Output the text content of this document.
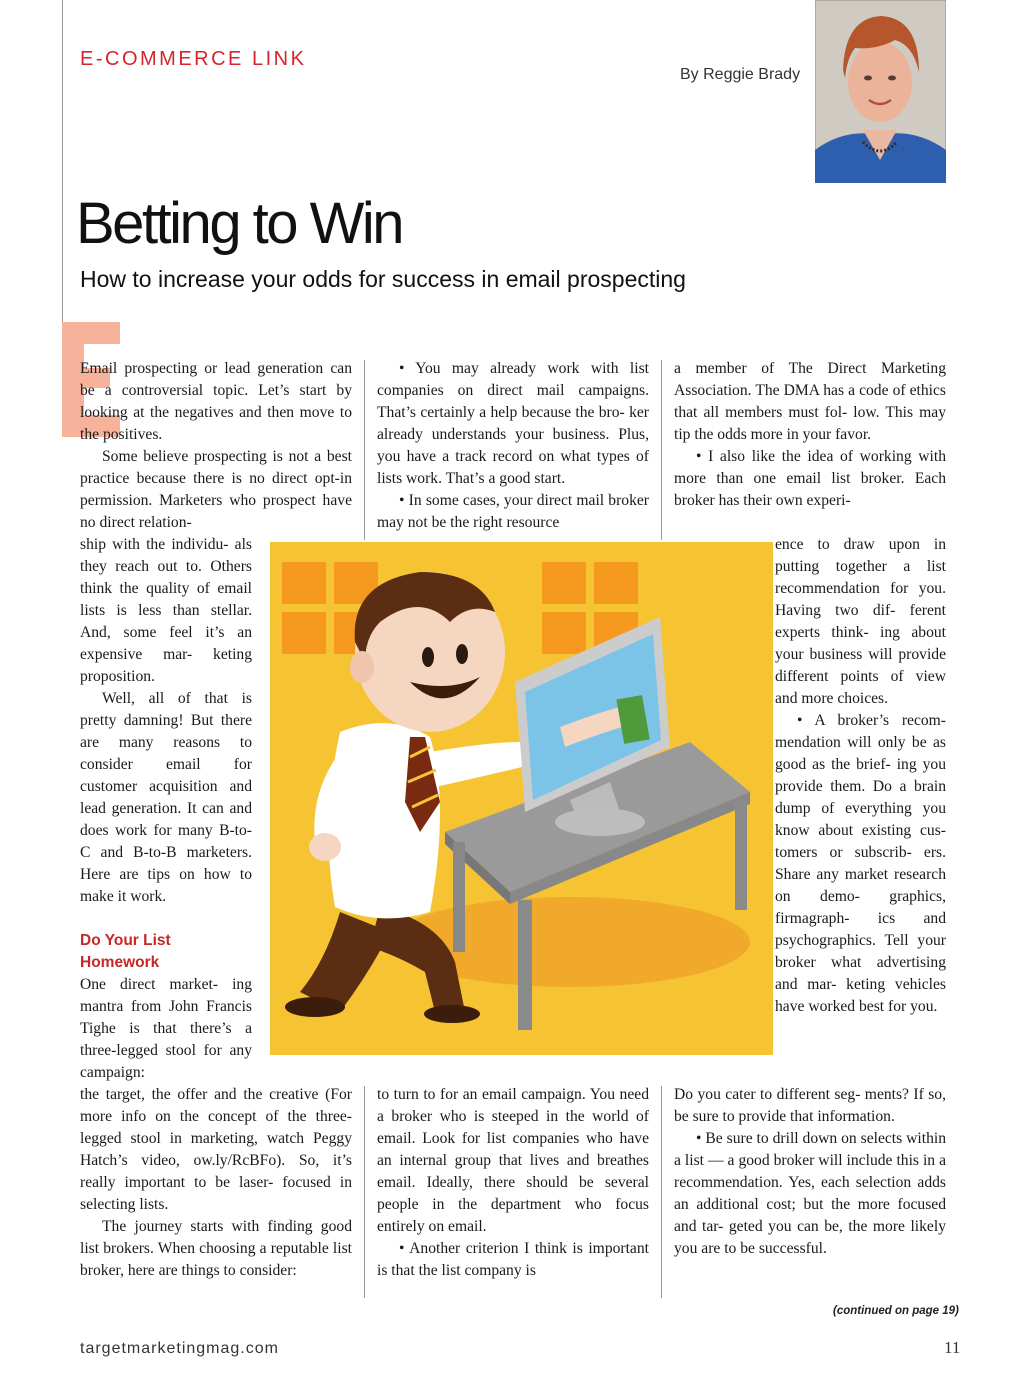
E-COMMERCE LINK
By Reggie Brady
Betting to Win
How to increase your odds for success in email prospecting

Email prospecting or lead generation can be a controversial topic. Let’s start by looking at the negatives and then move to the positives.

Some believe prospecting is not a best practice because there is no direct opt-in permission. Marketers who prospect have no direct relation-

ship with the individu- als they reach out to. Others think the quality of email lists is less than stellar. And, some feel it’s an expensive mar- keting proposition.

Well, all of that is pretty damning! But there are many reasons to consider email for customer acquisition and lead generation. It can and does work for many B-to-C and B-to-B marketers. Here are tips on how to make it work.

Do Your List Homework

One direct market- ing mantra from John Francis Tighe is that there’s a three-legged stool for any campaign:

the target, the offer and the creative (For more info on the concept of the three-legged stool in marketing, watch Peggy Hatch’s video, ow.ly/RcBFo). So, it’s really important to be laser- focused in selecting lists.

The journey starts with finding good list brokers. When choosing a reputable list broker, here are things to consider:

• You may already work with list companies on direct mail campaigns. That’s certainly a help because the bro- ker already understands your business. Plus, you have a track record on what types of lists work. That’s a good start.

• In some cases, your direct mail broker may not be the right resource

to turn to for an email campaign. You need a broker who is steeped in the world of email. Look for list companies who have an internal group that lives and breathes email. Ideally, there should be several people in the department who focus entirely on email.

• Another criterion I think is important is that the list company is

a member of The Direct Marketing Association. The DMA has a code of ethics that all members must fol- low. This may tip the odds more in your favor.

• I also like the idea of working with more than one email list broker. Each broker has their own experi-

ence to draw upon in putting together a list recommendation for you. Having two dif- ferent experts think- ing about your business will provide different points of view and more choices.

• A broker’s recom- mendation will only be as good as the brief- ing you provide them. Do a brain dump of everything you know about existing cus- tomers or subscrib- ers. Share any market research on demo- graphics, firmagraph- ics and psychographics. Tell your broker what advertising and mar- keting vehicles have worked best for you.

Do you cater to different seg- ments? If so, be sure to provide that information.

• Be sure to drill down on selects within a list — a good broker will include this in a recommendation. Yes, each selection adds an additional cost; but the more focused and tar- geted you can be, the more likely you are to be successful.

(continued on page 19)
targetmarketingmag.com	11
